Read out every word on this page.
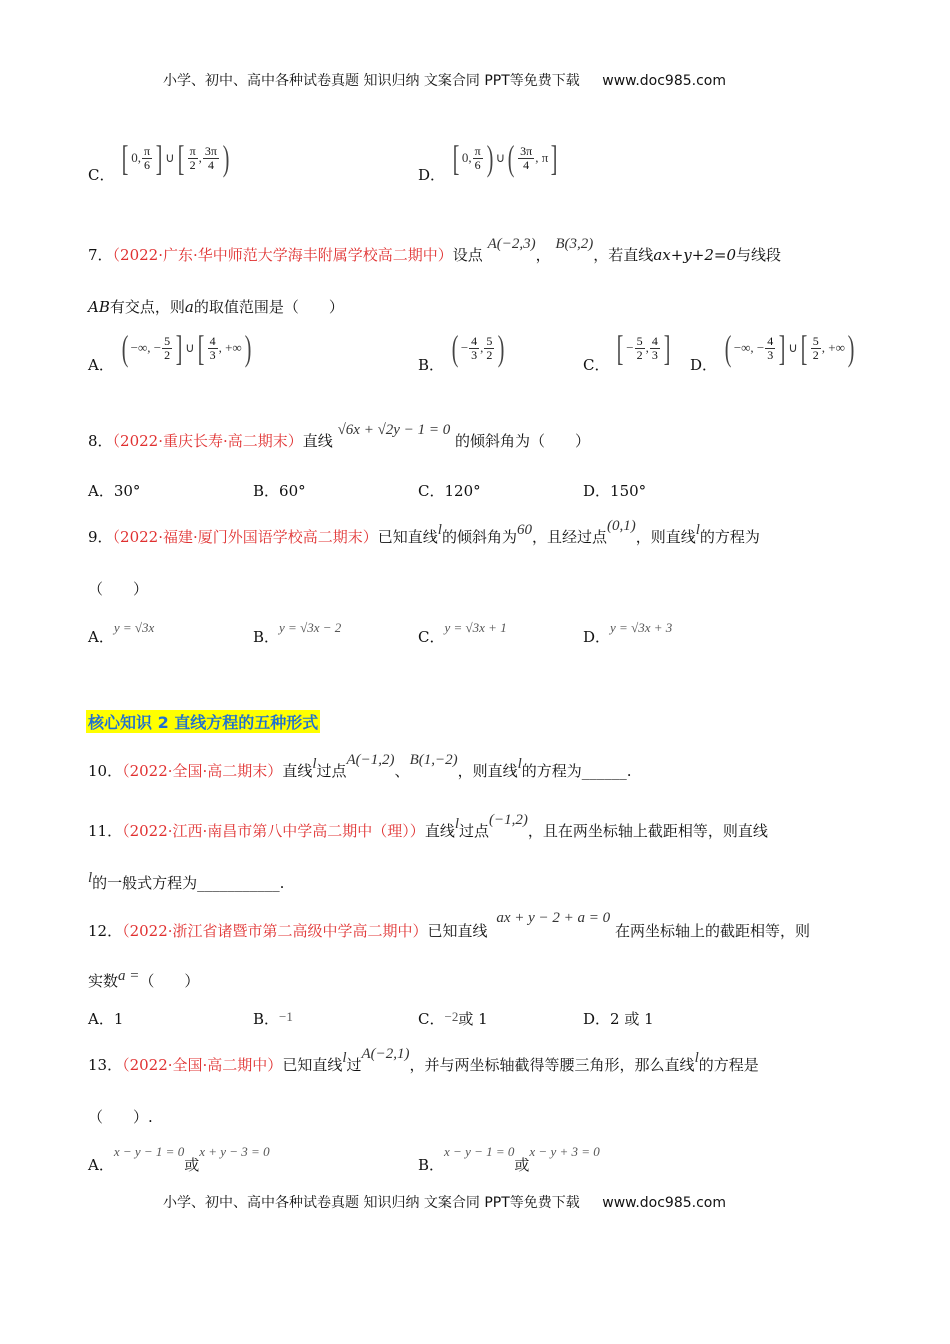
小学、初中、高中各种试卷真题 知识归纳 文案合同 PPT等免费下载 www.doc985.com
C． [ 0, $\frac{\pi}{6}$ ] ∪[ $\frac{\pi}{2}$ , $\frac{3\pi}{4}$ )	D． [ 0, $\frac{\pi}{6}$ ) ∪( $\frac{3\pi}{4}$ , π]
7．（2022·广东·华中师范大学海丰附属学校高二期中）设点 A(−2,3)， B(3,2)，若直线ax+y+2=0与线段
AB有交点，则a的取值范围是（　　）
A． ( −∞, − $\frac{5}{2}$ ] ∪[ $\frac{4}{3}$ , +∞)	B． ( − $\frac{4}{3}$ , $\frac{5}{2}$ )	C． [ − $\frac{5}{2}$ , $\frac{4}{3}$ ] D． ( −∞, − $\frac{4}{3}$ ] ∪[ $\frac{5}{2}$ , +∞)
8．（2022·重庆长寿·高二期末）直线 √6x + √2y − 1 = 0 的倾斜角为（　　）
A．30°	B．60°	C．120°	D．150°
9．（2022·福建·厦门外国语学校高二期末）已知直线l的倾斜角为60，且经过点(0,1)，则直线l的方程为
（　　）
A．y = √3x
B．y = √3x − 2
C．y = √3x + 1
D．y = √3x + 3
核心知识 2 直线方程的五种形式
10．（2022·全国·高二期末）直线l过点A(−1,2)、B(1,−2)，则直线l的方程为______.
11．（2022·江西·南昌市第八中学高二期中（理））直线l过点(−1,2)，且在两坐标轴上截距相等，则直线
l的一般式方程为___________.
12．（2022·浙江省诸暨市第二高级中学高二期中）已知直线 ax + y − 2 + a = 0 在两坐标轴上的截距相等，则
实数a =（　　）
A．1	B．−1	C．−2或 1	D．2 或 1
13．（2022·全国·高二期中）已知直线l过A(−2,1)，并与两坐标轴截得等腰三角形，那么直线l的方程是
（　　）.
A．x − y − 1 = 0或x + y − 3 = 0
B．x − y − 1 = 0或x − y + 3 = 0
小学、初中、高中各种试卷真题 知识归纳 文案合同 PPT等免费下载 www.doc985.com
